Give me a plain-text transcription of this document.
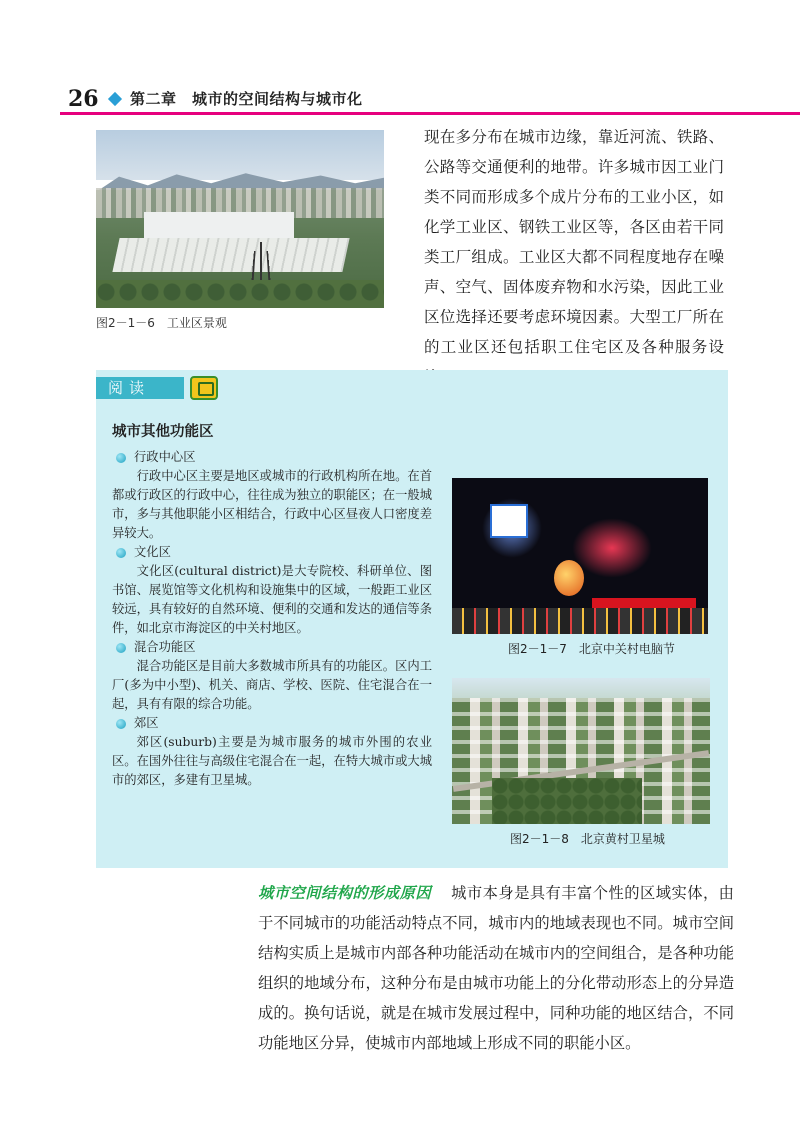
26 第二章　城市的空间结构与城市化
图2－1－6　工业区景观
现在多分布在城市边缘，靠近河流、铁路、公路等交通便利的地带。许多城市因工业门类不同而形成多个成片分布的工业小区，如化学工业区、钢铁工业区等，各区由若干同类工厂组成。工业区大都不同程度地存在噪声、空气、固体废弃物和水污染，因此工业区位选择还要考虑环境因素。大型工厂所在的工业区还包括职工住宅区及各种服务设
阅读
城市其他功能区

行政中心区

行政中心区主要是地区或城市的行政机构所在地。在首都或行政区的行政中心，往往成为独立的职能区；在一般城市，多与其他职能小区相结合，行政中心区昼夜人口密度差异较大。

文化区

文化区(cultural district)是大专院校、科研单位、图书馆、展览馆等文化机构和设施集中的区域，一般距工业区较远，具有较好的自然环境、便利的交通和发达的通信等条件，如北京市海淀区的中关村地区。

混合功能区

混合功能区是目前大多数城市所具有的功能区。区内工厂(多为中小型)、机关、商店、学校、医院、住宅混合在一起，具有有限的综合功能。

郊区

郊区(suburb)主要是为城市服务的城市外围的农业区。在国外往往与高级住宅混合在一起，在特大城市或大城市的郊区，多建有卫星城。

图2－1－7　北京中关村电脑节
图2－1－8　北京黄村卫星城
城市空间结构的形成原因 城市本身是具有丰富个性的区域实体，由于不同城市的功能活动特点不同，城市内的地域表现也不同。城市空间结构实质上是城市内部各种功能活动在城市内的空间组合，是各种功能组织的地域分布，这种分布是由城市功能上的分化带动形态上的分异造成的。换句话说，就是在城市发展过程中，同种功能的地区结合，不同功能地区分异，使城市内部地域上形成不同的职能小区。
